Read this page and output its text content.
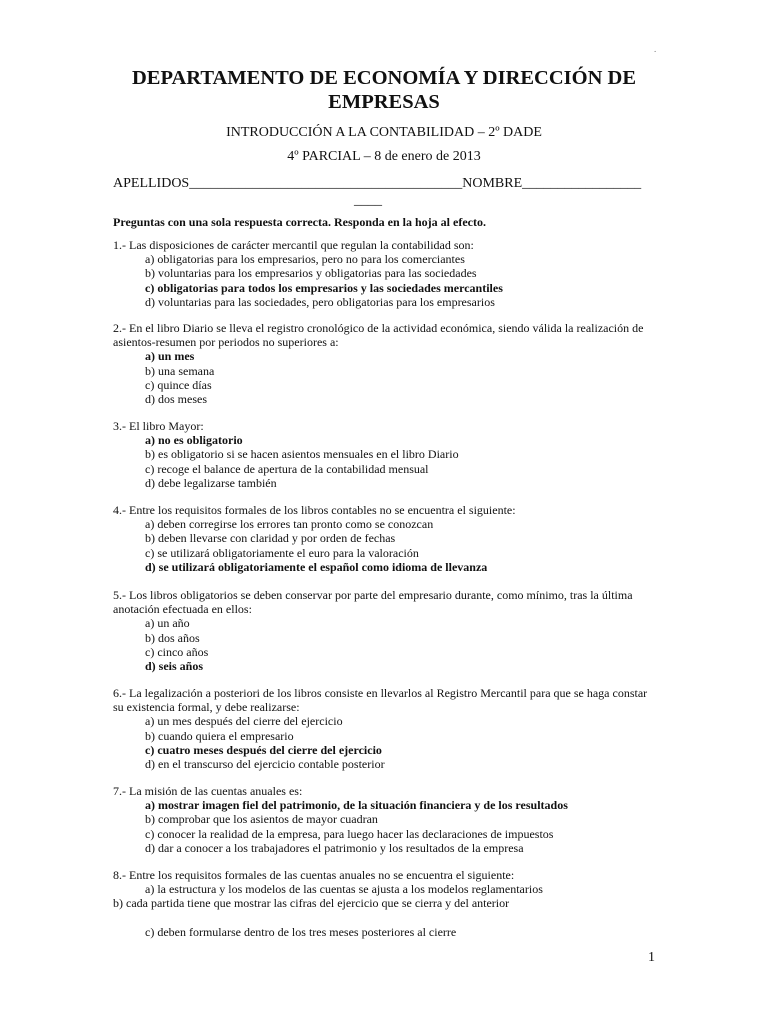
.
DEPARTAMENTO DE ECONOMÍA Y DIRECCIÓN DE EMPRESAS
INTRODUCCIÓN A LA CONTABILIDAD – 2º DADE
4º PARCIAL – 8 de enero de 2013
APELLIDOS_______________________________________NOMBRE_________________
____
Preguntas con una sola respuesta correcta. Responda en la hoja al efecto.

1.- Las disposiciones de carácter mercantil que regulan la contabilidad son:

a) obligatorias para los empresarios, pero no para los comerciantes
b) voluntarias para los empresarios y obligatorias para las sociedades
c) obligatorias para todos los empresarios y las sociedades mercantiles
d) voluntarias para las sociedades, pero obligatorias para los empresarios

2.- En el libro Diario se lleva el registro cronológico de la actividad económica, siendo válida la realización de asientos-resumen por periodos no superiores a:

a) un mes
b) una semana
c) quince días
d) dos meses

3.- El libro Mayor:

a) no es obligatorio
b) es obligatorio si se hacen asientos mensuales en el libro Diario
c) recoge el balance de apertura de la contabilidad mensual
d) debe legalizarse también

4.- Entre los requisitos formales de los libros contables no se encuentra el siguiente:

a) deben corregirse los errores tan pronto como se conozcan
b) deben llevarse con claridad y por orden de fechas
c) se utilizará obligatoriamente el euro para la valoración
d) se utilizará obligatoriamente el español como idioma de llevanza

5.- Los libros obligatorios se deben conservar por parte del empresario durante, como mínimo, tras la última anotación efectuada en ellos:

a) un año
b) dos años
c) cinco años
d) seis años

6.- La legalización a posteriori de los libros consiste en llevarlos al Registro Mercantil para que se haga constar su existencia formal, y debe realizarse:

a) un mes después del cierre del ejercicio
b) cuando quiera el empresario
c) cuatro meses después del cierre del ejercicio
d) en el transcurso del ejercicio contable posterior

7.- La misión de las cuentas anuales es:

a) mostrar imagen fiel del patrimonio, de la situación financiera y de los resultados
b) comprobar que los asientos de mayor cuadran
c) conocer la realidad de la empresa, para luego hacer las declaraciones de impuestos
d) dar a conocer a los trabajadores el patrimonio y los resultados de la empresa

8.- Entre los requisitos formales de las cuentas anuales no se encuentra el siguiente:

a) la estructura y los modelos de las cuentas se ajusta a los modelos reglamentarios
b) cada partida tiene que mostrar las cifras del ejercicio que se cierra y del anterior
c) deben formularse dentro de los tres meses posteriores al cierre
1
